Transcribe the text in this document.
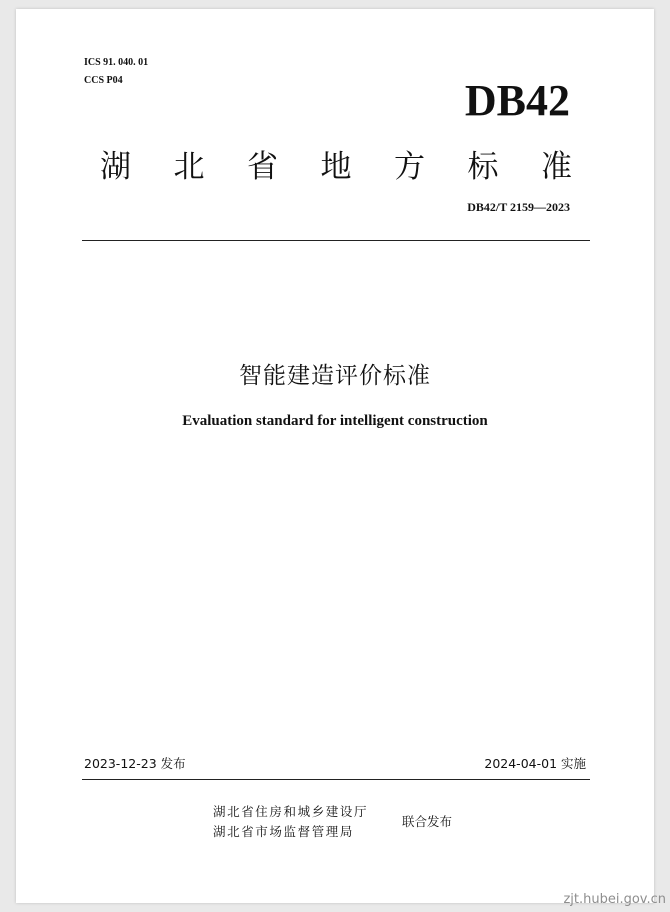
ICS 91. 040. 01
CCS P04	DB42
湖 北 省 地 方 标 准
DB42/T 2159—2023
智能建造评价标准
Evaluation standard for intelligent construction
2023-12-23 发布	2024-04-01 实施
湖北省住房和城乡建设厅
湖北省市场监督管理局
联合发布
zjt.hubei.gov.cn
